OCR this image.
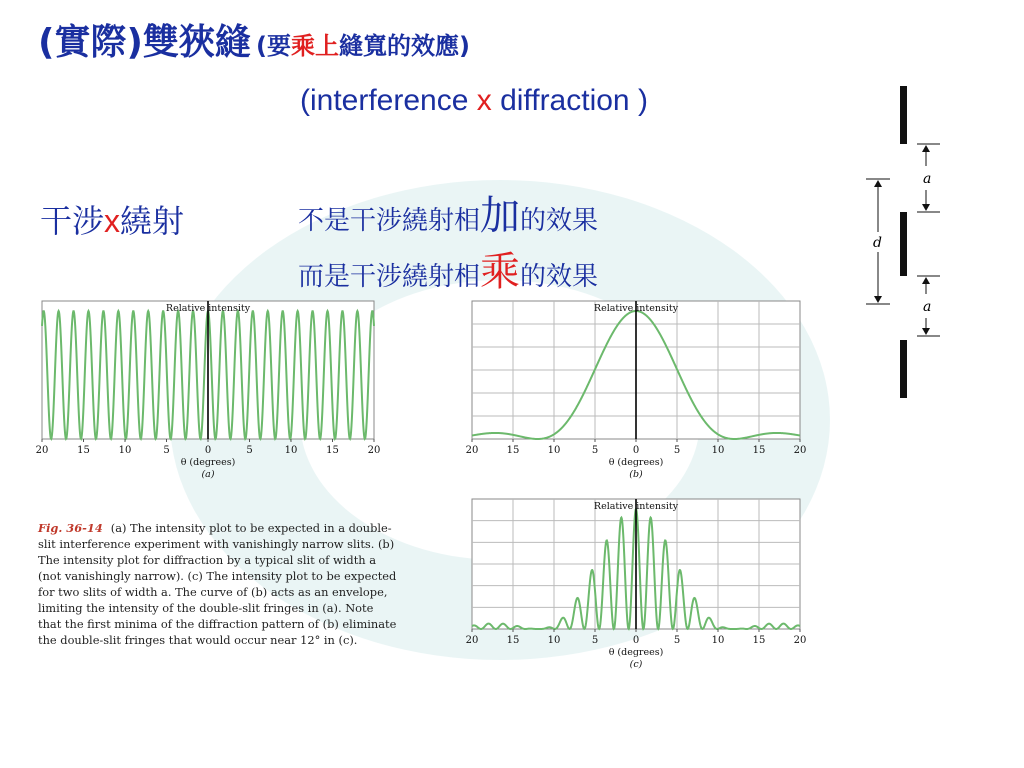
(實際)雙狹縫 (要乘上縫寬的效應)
(interference x diffraction )
干涉x繞射	不是干涉繞射相加的效果
而是干涉繞射相乘的效果
Relative intensity
20	15	10	5	0	5	10	15	20
θ (degrees)
(a)
Relative intensity
20	15	10	5	0	5	10	15	20
θ (degrees)
(b)
Relative intensity
20	15	10	5	0	5	10	15	20
θ (degrees)
(c)
Fig. 36-14 (a) The intensity plot to be expected in a double-slit interference experiment with vanishingly narrow slits. (b) The intensity plot for diffraction by a typical slit of width a (not vanishingly narrow). (c) The intensity plot to be expected for two slits of width a. The curve of (b) acts as an envelope, limiting the intensity of the double-slit fringes in (a). Note that the first minima of the diffraction pattern of (b) eliminate the double-slit fringes that would occur near 12° in (c).
a
d
a
